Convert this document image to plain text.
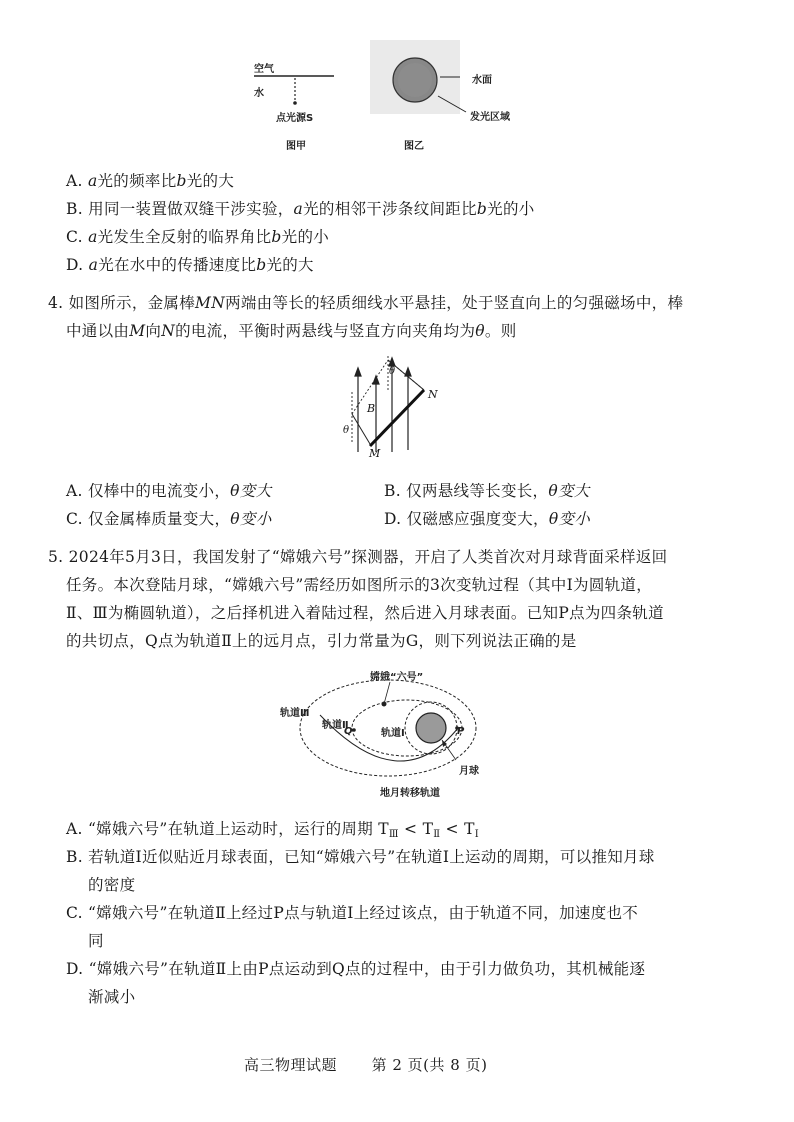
空气
水
点光源S
图甲
水面
发光区域
图乙
A. a光的频率比b光的大
B. 用同一装置做双缝干涉实验，a光的相邻干涉条纹间距比b光的小
C. a光发生全反射的临界角比b光的小
D. a光在水中的传播速度比b光的大
4. 如图所示，金属棒MN两端由等长的轻质细线水平悬挂，处于竖直向上的匀强磁场中，棒
中通以由M向N的电流，平衡时两悬线与竖直方向夹角均为θ。则
B
N
M
θ
θ
A. 仅棒中的电流变小，θ变大	B. 仅两悬线等长变长，θ变大
C. 仅金属棒质量变大，θ变小	D. 仅磁感应强度变大，θ变小
5. 2024年5月3日，我国发射了“嫦娥六号”探测器，开启了人类首次对月球背面采样返回
任务。本次登陆月球，“嫦娥六号”需经历如图所示的3次变轨过程（其中Ⅰ为圆轨道，
Ⅱ、Ⅲ为椭圆轨道），之后择机进入着陆过程，然后进入月球表面。已知P点为四条轨道
的共切点，Q点为轨道Ⅱ上的远月点，引力常量为G，则下列说法正确的是
嫦娥“六号”
轨道Ⅲ
轨道Ⅱ
轨道Ⅰ
Q	P
月球
地月转移轨道
A. “嫦娥六号”在轨道上运动时，运行的周期 $T_Ⅲ < T_Ⅱ < T_Ⅰ$
B. 若轨道Ⅰ近似贴近月球表面，已知“嫦娥六号”在轨道Ⅰ上运动的周期，可以推知月球
的密度
C. “嫦娥六号”在轨道Ⅱ上经过P点与轨道Ⅰ上经过该点，由于轨道不同，加速度也不
同
D. “嫦娥六号”在轨道Ⅱ上由P点运动到Q点的过程中，由于引力做负功，其机械能逐
渐减小
高三物理试题 第 2 页(共 8 页)
